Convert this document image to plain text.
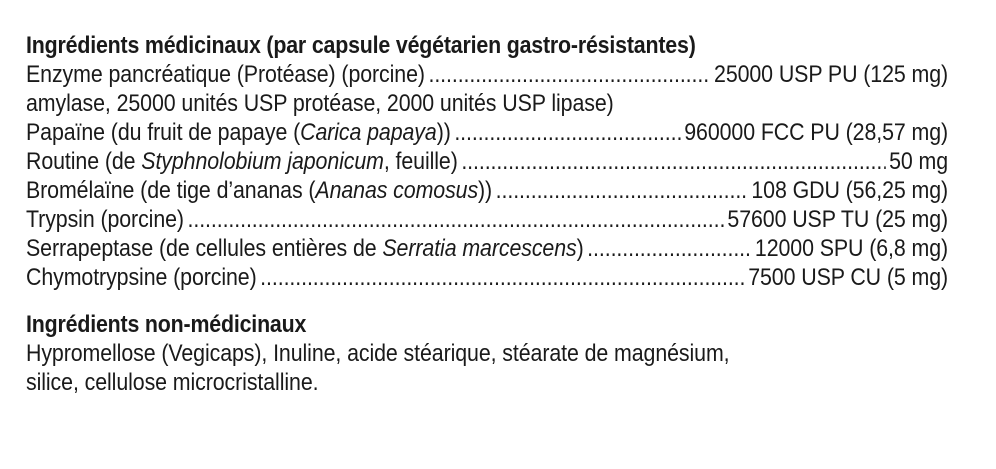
Ingrédients médicinaux (par capsule végétarien gastro-résistantes)
Enzyme pancréatique (Protéase) (porcine) .....	25000 USP PU (125 mg)
amylase, 25000 unités USP protéase, 2000 unités USP lipase)
Papaïne (du fruit de papaye (Carica papaya)) .....	960000 FCC PU (28,57 mg)
Routine (de Styphnolobium japonicum, feuille) .....	50 mg
Bromélaïne (de tige d’ananas (Ananas comosus)) .....	108 GDU (56,25 mg)
Trypsin (porcine) .....	57600 USP TU (25 mg)
Serrapeptase (de cellules entières de Serratia marcescens) .....	12000 SPU (6,8 mg)
Chymotrypsine (porcine) .....	7500 USP CU (5 mg)
Ingrédients non-médicinaux
Hypromellose (Vegicaps), Inuline, acide stéarique, stéarate de magnésium,
silice, cellulose microcristalline.
